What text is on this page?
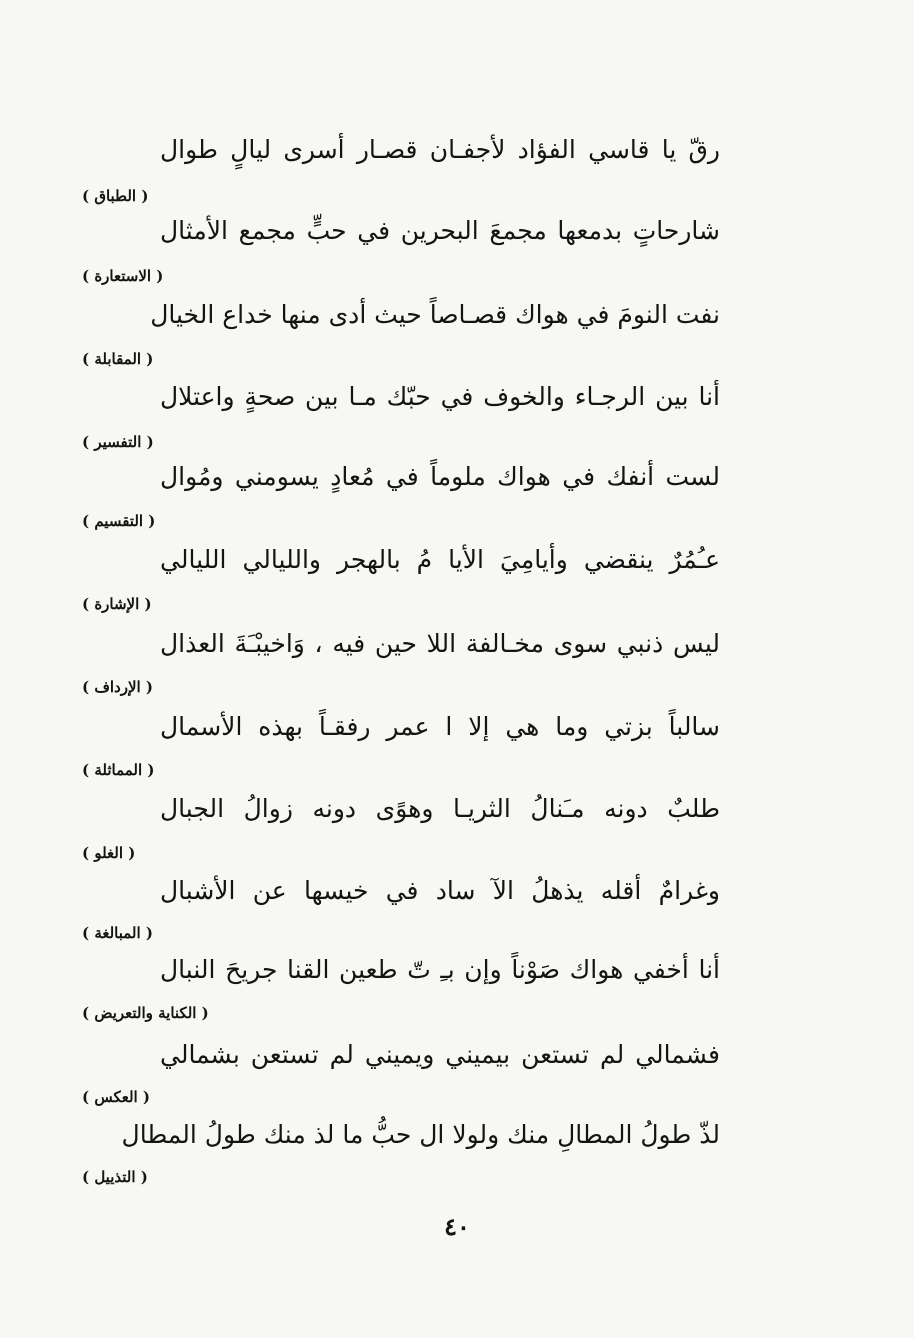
رقّ يا قاسي الفؤاد لأجفـان قصـار أسرى ليالٍ طوال
( الطباق )
شارحاتٍ بدمعها مجمعَ البحرين في حبٍّ مجمع الأمثال
( الاستعارة )
نفت النومَ في هواك قصـاصاً حيث أدى منها خداع الخيال
( المقابلة )
أنا بين الرجـاء والخوف في حبّك مـا بين صحةٍ واعتلال
( التفسير )
لست أنفك في هواك ملوماً في مُعادٍ يسومني ومُوال
( التقسيم )
عـُمُرٌ ينقضي وأيامِيَ الأيا مُ بالهجر والليالي الليالي
( الإشارة )
ليس ذنبي سوى مخـالفة اللا حين فيه ، وَاخيبْـَةَ العذال
( الإرداف )
سالباً بزتي وما هي إلا ا عمر رفقـاً بهذه الأسمال
( المماثلة )
طلبٌ دونه مـَنالُ الثريـا وهوًى دونه زوالُ الجبال
( الغلو )
وغرامٌ أقله يذهلُ الآ ساد في خيسها عن الأشبال
( المبالغة )
أنا أخفي هواك صَوْناً وإن بـِ تّ طعين القنا جريحَ النبال
( الكناية والتعريض )
فشمالي لم تستعن بيميني ويميني لم تستعن بشمالي
( العكس )
لذّ طولُ المطالِ منك ولولا ال حبُّ ما لذ منك طولُ المطال
( التذييل )
٤٠
